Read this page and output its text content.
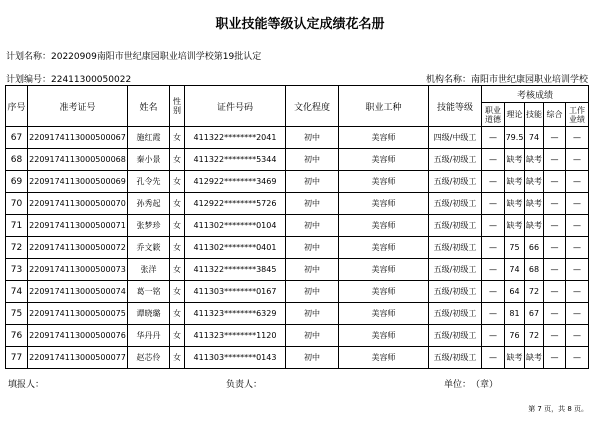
职业技能等级认定成绩花名册
计划名称：20220909南阳市世纪康园职业培训学校第19批认定
计划编号：22411300050022	机构名称：南阳市世纪康园职业培训学校
序号	准考证号	姓名	性别	证件号码	文化程度	职业工种	技能等级	考核成绩				
								职业道德	理论	技能	综合	工作业绩
67	2209174113000500067	施红霞	女	411322********2041	初中	美容师	四级/中级工	—	79.5	74	—	—
68	2209174113000500068	秦小景	女	411322********5344	初中	美容师	五级/初级工	—	缺考	缺考	—	—
69	2209174113000500069	孔令先	女	412922********3469	初中	美容师	五级/初级工	—	缺考	缺考	—	—
70	2209174113000500070	孙秀起	女	412922********5726	初中	美容师	五级/初级工	—	缺考	缺考	—	—
71	2209174113000500071	张梦珍	女	411302********0104	初中	美容师	五级/初级工	—	缺考	缺考	—	—
72	2209174113000500072	乔文簌	女	411302********0401	初中	美容师	五级/初级工	—	75	66	—	—
73	2209174113000500073	张洋	女	411322********3845	初中	美容师	五级/初级工	—	74	68	—	—
74	2209174113000500074	葛一铭	女	411303********0167	初中	美容师	五级/初级工	—	64	72	—	—
75	2209174113000500075	谭晓璐	女	411323********6329	初中	美容师	五级/初级工	—	81	67	—	—
76	2209174113000500076	华丹丹	女	411323********1120	初中	美容师	五级/初级工	—	76	72	—	—
77	2209174113000500077	赵芯伶	女	411303********0143	初中	美容师	五级/初级工	—	缺考	缺考	—	—
填报人：	负责人：	单位：　（章）
第 7 页，共 8 页。
